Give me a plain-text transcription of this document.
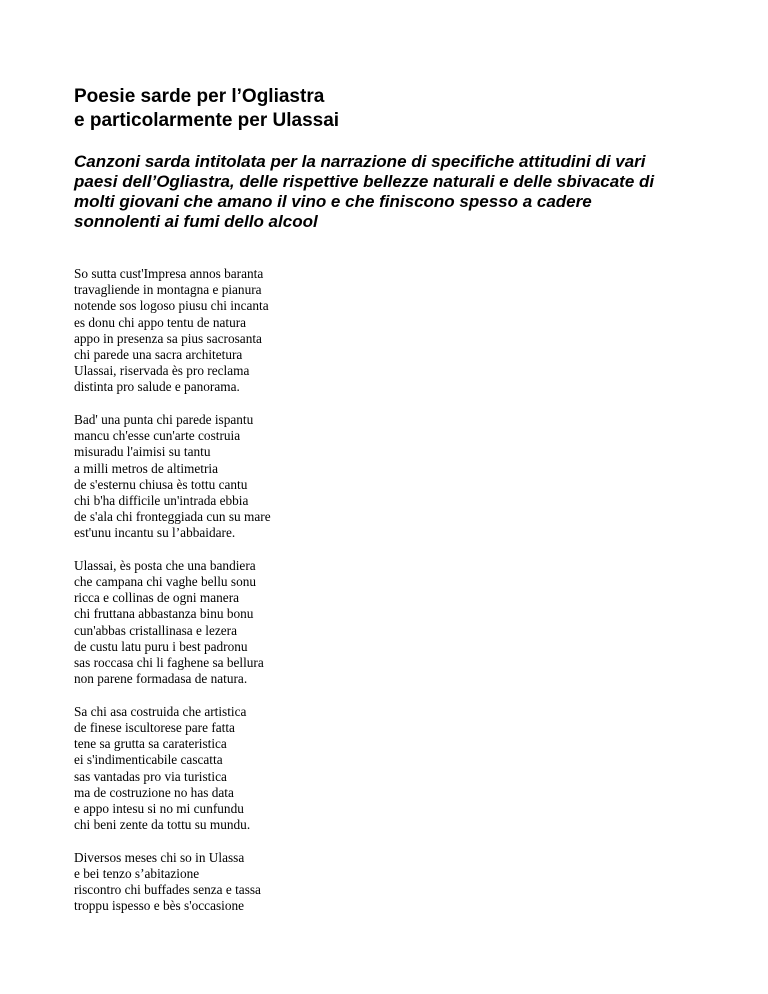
Poesie sarde per l’Ogliastra
e particolarmente per Ulassai
Canzoni sarda intitolata per la narrazione di specifiche attitudini di vari
paesi dell’Ogliastra, delle rispettive bellezze naturali e delle sbivacate di
molti giovani che amano il vino e che finiscono spesso a cadere
sonnolenti ai fumi dello alcool
So sutta cust'Impresa annos baranta
travagliende in montagna e pianura
notende sos logoso piusu chi incanta
es donu chi appo tentu de natura
appo in presenza sa pius sacrosanta
chi parede una sacra architetura
Ulassai, riservada ès pro reclama
distinta pro salude e panorama.
Bad' una punta chi parede ispantu
mancu ch'esse cun'arte costruia
misuradu l'aimisi su tantu
a milli metros de altimetria
de s'esternu chiusa ès tottu cantu
chi b'ha difficile un'intrada ebbia
de s'ala chi fronteggiada cun su mare
est'unu incantu su l’abbaidare.
Ulassai, ès posta che una bandiera
che campana chi vaghe bellu sonu
ricca e collinas de ogni manera
chi fruttana abbastanza binu bonu
cun'abbas cristallinasa e lezera
de custu latu puru i best padronu
sas roccasa chi li faghene sa bellura
non parene formadasa de natura.
Sa chi asa costruida che artistica
de finese iscultorese pare fatta
tene sa grutta sa carateristica
ei s'indimenticabile cascatta
sas vantadas pro via turistica
ma de costruzione no has data
e appo intesu si no mi cunfundu
chi beni zente da tottu su mundu.
Diversos meses chi so in Ulassa
e bei tenzo s’abitazione
riscontro chi buffades senza e tassa
troppu ispesso e bès s'occasione
